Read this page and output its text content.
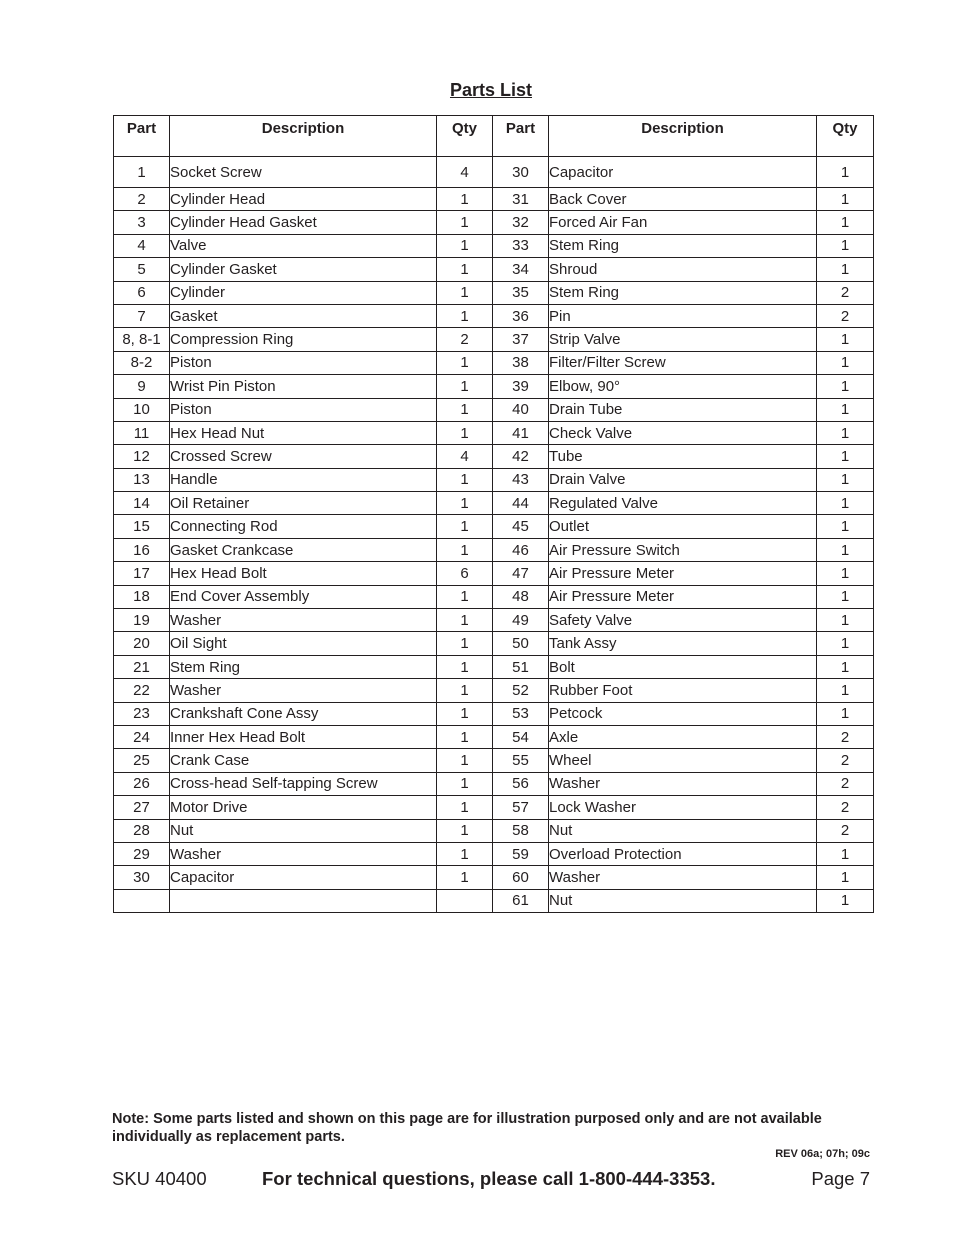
Parts List
Part	Description	Qty	Part	Description	Qty
1	Socket Screw	4	30	Capacitor	1
2	Cylinder Head	1	31	Back Cover	1
3	Cylinder Head Gasket	1	32	Forced Air Fan	1
4	Valve	1	33	Stem Ring	1
5	Cylinder Gasket	1	34	Shroud	1
6	Cylinder	1	35	Stem Ring	2
7	Gasket	1	36	Pin	2
8, 8-1	Compression Ring	2	37	Strip Valve	1
8-2	Piston	1	38	Filter/Filter Screw	1
9	Wrist Pin Piston	1	39	Elbow, 90°	1
10	Piston	1	40	Drain Tube	1
11	Hex Head Nut	1	41	Check Valve	1
12	Crossed Screw	4	42	Tube	1
13	Handle	1	43	Drain Valve	1
14	Oil Retainer	1	44	Regulated Valve	1
15	Connecting Rod	1	45	Outlet	1
16	Gasket Crankcase	1	46	Air Pressure Switch	1
17	Hex Head Bolt	6	47	Air Pressure Meter	1
18	End Cover Assembly	1	48	Air Pressure Meter	1
19	Washer	1	49	Safety Valve	1
20	Oil Sight	1	50	Tank Assy	1
21	Stem Ring	1	51	Bolt	1
22	Washer	1	52	Rubber Foot	1
23	Crankshaft Cone Assy	1	53	Petcock	1
24	Inner Hex Head Bolt	1	54	Axle	2
25	Crank Case	1	55	Wheel	2
26	Cross-head Self-tapping Screw	1	56	Washer	2
27	Motor Drive	1	57	Lock Washer	2
28	Nut	1	58	Nut	2
29	Washer	1	59	Overload Protection	1
30	Capacitor	1	60	Washer	1
			61	Nut	1
Note: Some parts listed and shown on this page are for illustration purposed only and are not available individually as replacement parts.
REV 06a; 07h; 09c
SKU 40400	For technical questions, please call 1-800-444-3353.	Page 7
